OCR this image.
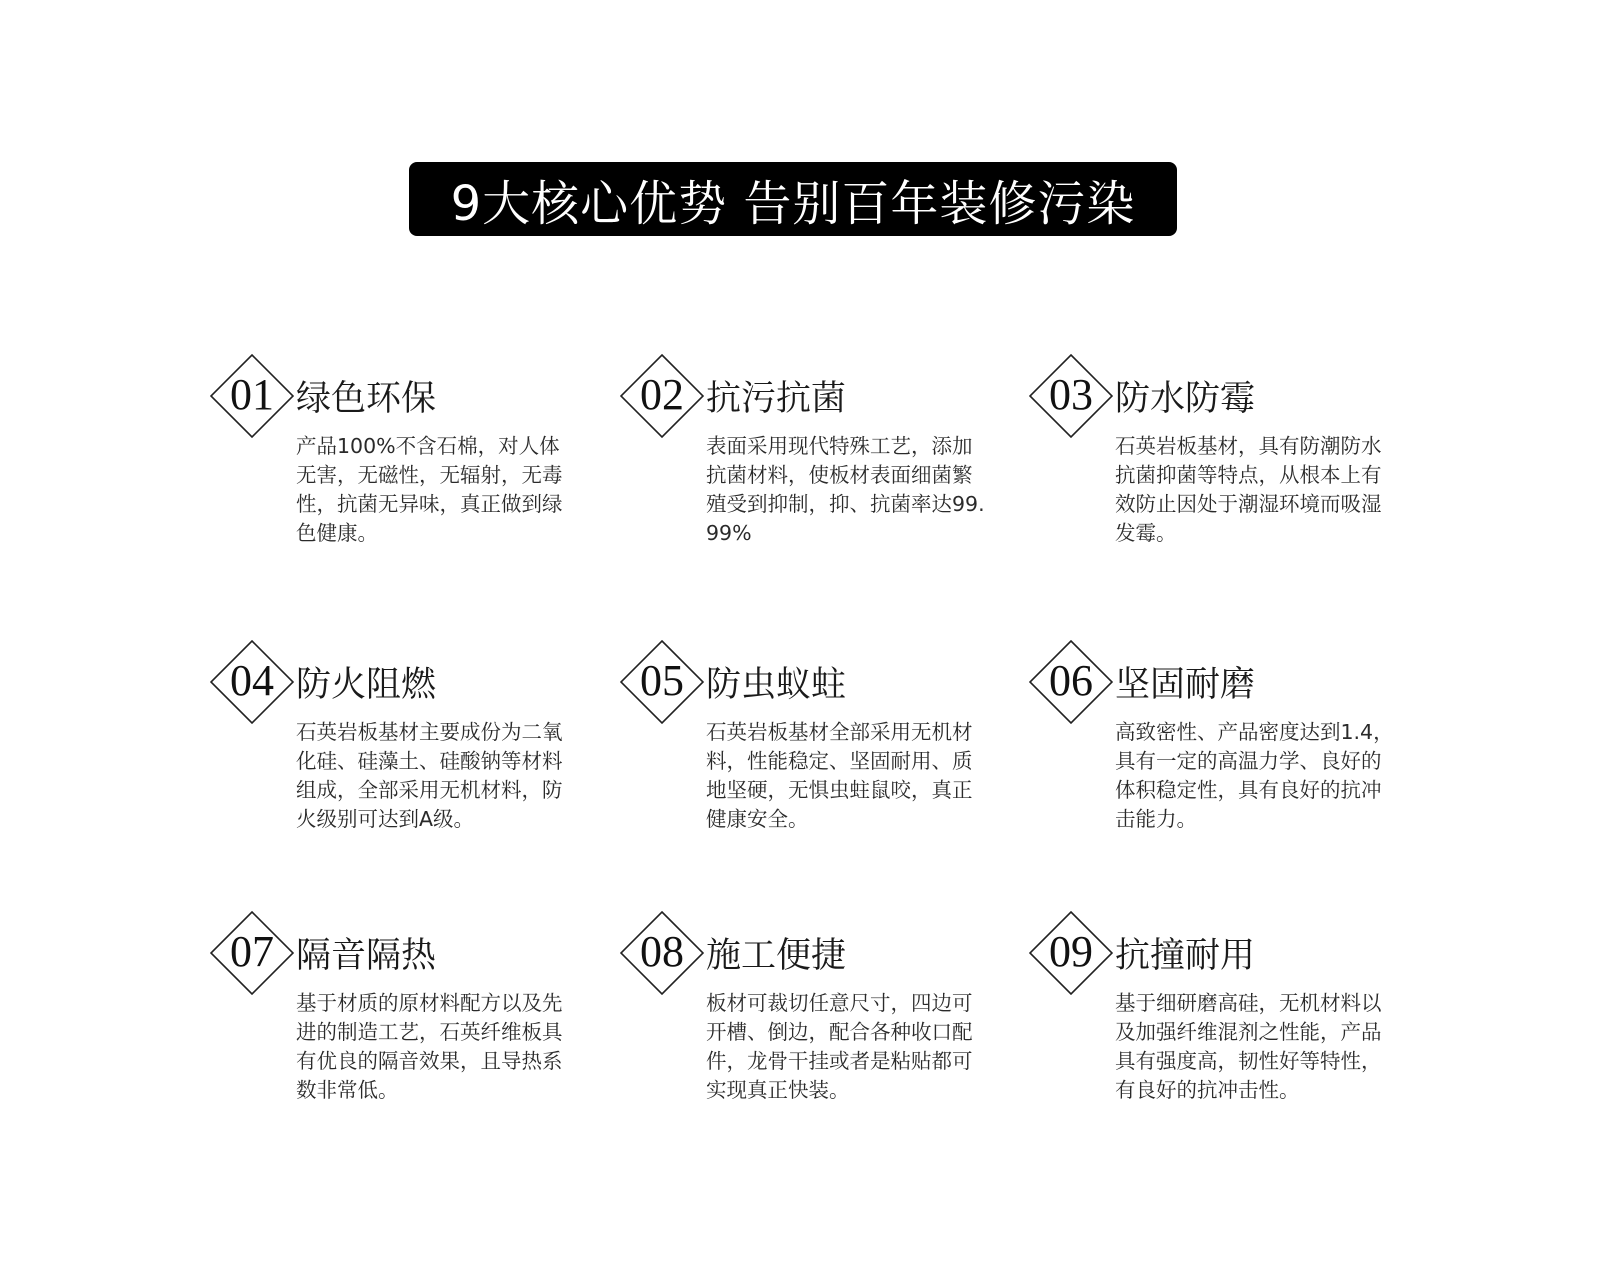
9大核心优势 告别百年装修污染
01 绿色环保
产品100%不含石棉，对人体无害，无磁性，无辐射，无毒性，抗菌无异味，真正做到绿色健康。
02 抗污抗菌
表面采用现代特殊工艺，添加抗菌材料，使板材表面细菌繁殖受到抑制，抑、抗菌率达99.99%
03 防水防霉
石英岩板基材，具有防潮防水抗菌抑菌等特点，从根本上有效防止因处于潮湿环境而吸湿发霉。
04 防火阻燃
石英岩板基材主要成份为二氧化硅、硅藻土、硅酸钠等材料组成，全部采用无机材料，防火级别可达到A级。
05 防虫蚁蛀
石英岩板基材全部采用无机材料，性能稳定、坚固耐用、质地坚硬，无惧虫蛀鼠咬，真正健康安全。
06 坚固耐磨
高致密性、产品密度达到1.4，具有一定的高温力学、良好的体积稳定性，具有良好的抗冲击能力。
07 隔音隔热
基于材质的原材料配方以及先进的制造工艺，石英纤维板具有优良的隔音效果，且导热系数非常低。
08 施工便捷
板材可裁切任意尺寸，四边可开槽、倒边，配合各种收口配件，龙骨干挂或者是粘贴都可实现真正快装。
09 抗撞耐用
基于细研磨高硅，无机材料以及加强纤维混剂之性能，产品具有强度高，韧性好等特性，有良好的抗冲击性。
